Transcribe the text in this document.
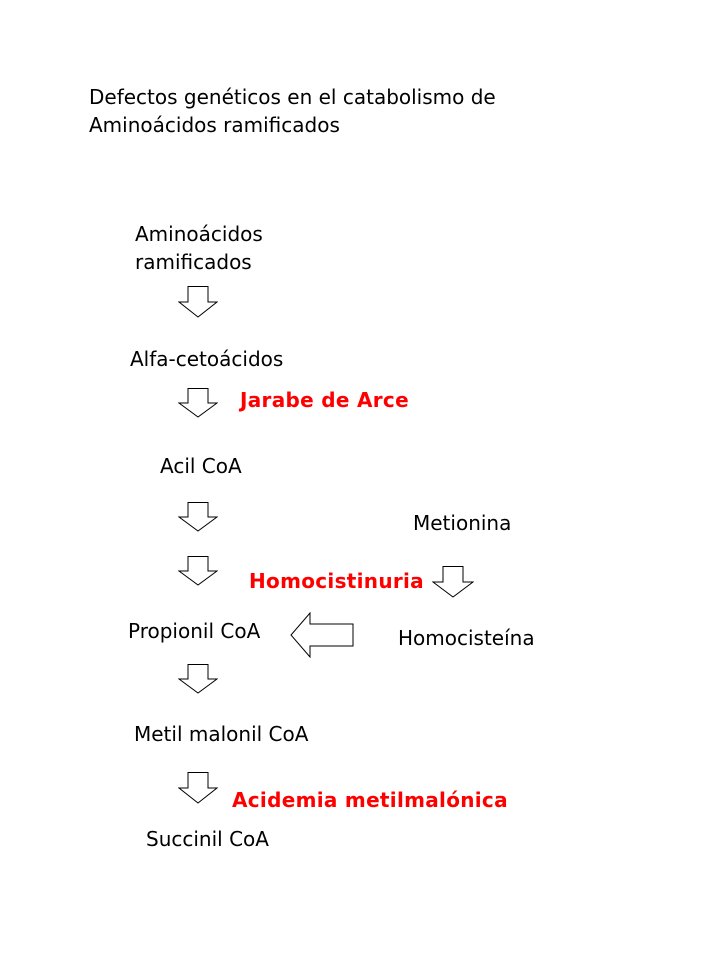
Defectos genéticos en el catabolismo de
Aminoácidos ramificados
Aminoácidos
ramificados
Alfa-cetoácidos
Acil CoA
Propionil CoA
Metil malonil CoA
Succinil CoA
Metionina
Homocisteína
Jarabe de Arce
Homocistinuria
Acidemia metilmalónica
